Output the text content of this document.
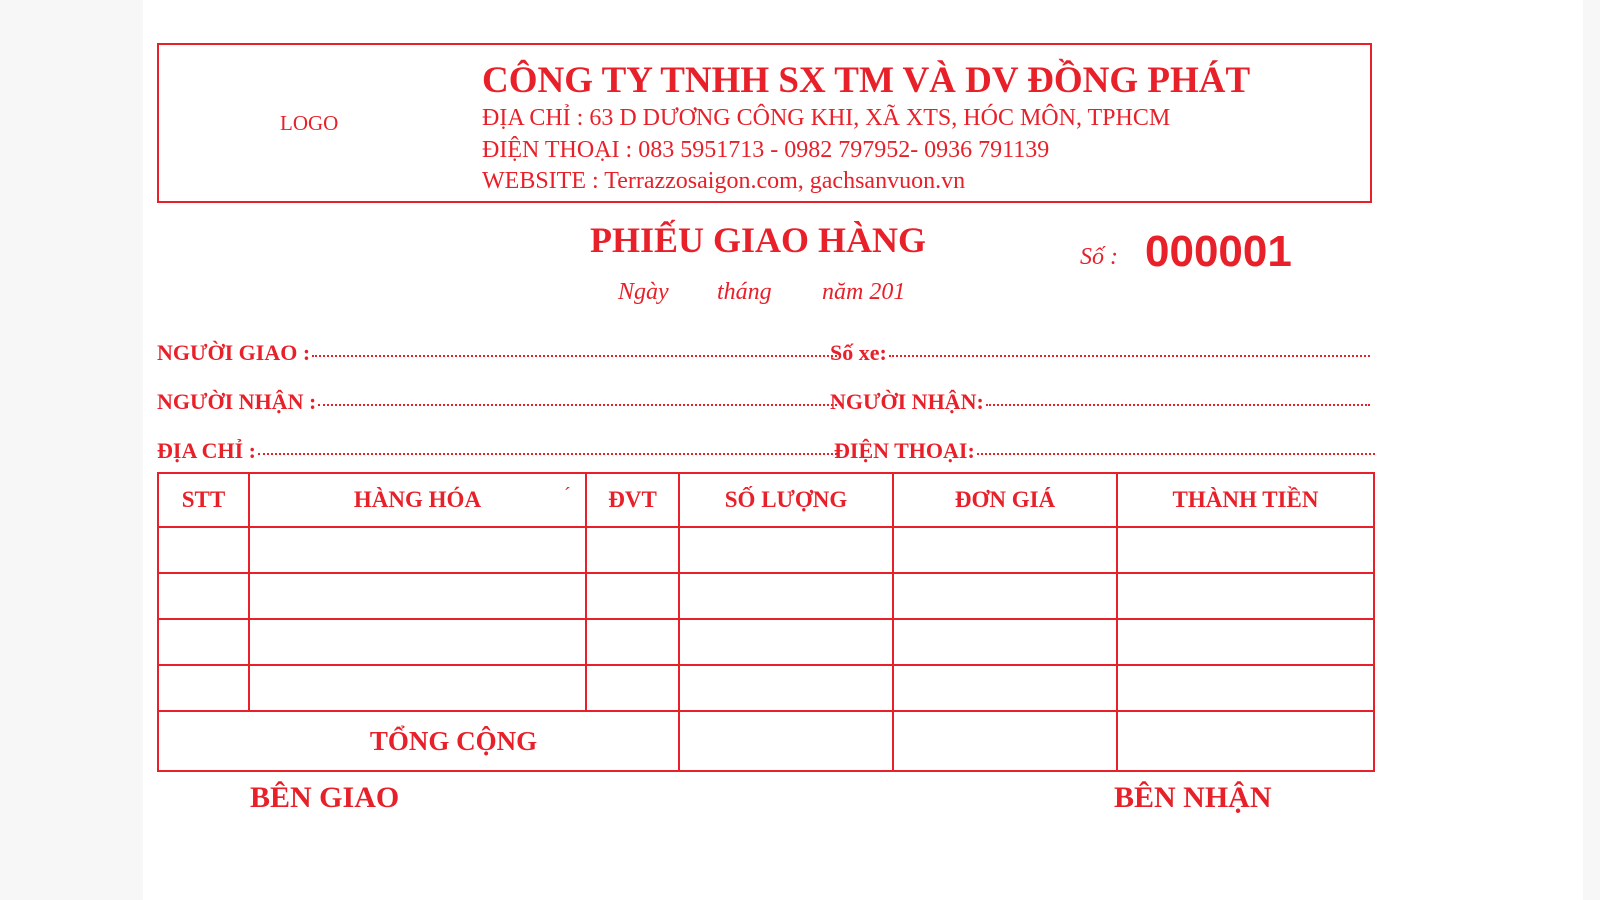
LOGO
CÔNG TY TNHH SX TM VÀ DV ĐỒNG PHÁT
ĐỊA CHỈ : 63 D DƯƠNG CÔNG KHI, XÃ XTS, HÓC MÔN, TPHCM
ĐIỆN THOẠI : 083 5951713 - 0982 797952- 0936 791139
WEBSITE : Terrazzosaigon.com, gachsanvuon.vn
PHIẾU GIAO HÀNG	Số : 000001
Ngày tháng năm 201
NGƯỜI GIAO :	Số xe:
NGƯỜI NHẬN :	NGƯỜI NHẬN:
ĐỊA CHỈ :	ĐIỆN THOẠI:
STT	HÀNG HÓA	ĐVT	SỐ LƯỢNG	ĐƠN GIÁ	THÀNH TIỀN

TỔNG CỘNG					
´
BÊN GIAO	BÊN NHẬN
